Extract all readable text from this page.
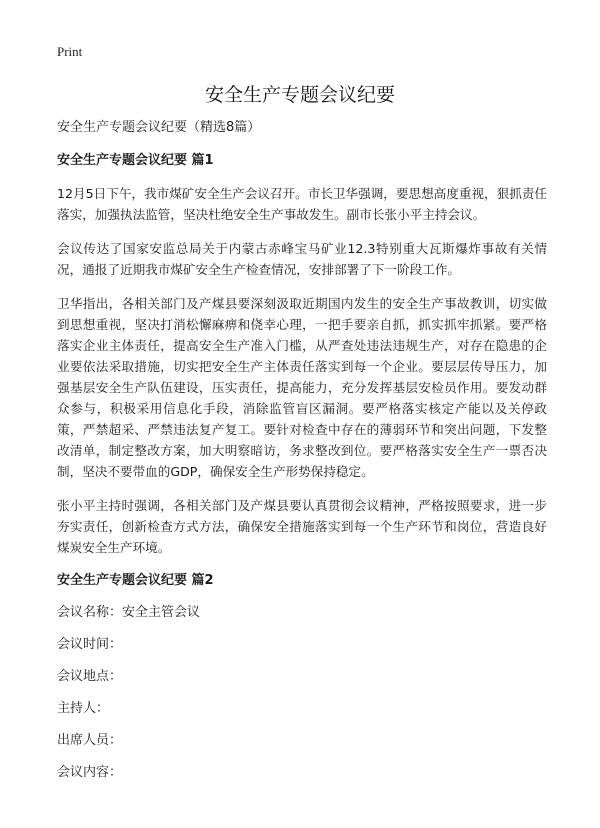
Print
安全生产专题会议纪要

安全生产专题会议纪要（精选8篇）

安全生产专题会议纪要 篇1

12月5日下午，我市煤矿安全生产会议召开。市长卫华强调，要思想高度重视，狠抓责任落实，加强执法监管，坚决杜绝安全生产事故发生。副市长张小平主持会议。

会议传达了国家安监总局关于内蒙古赤峰宝马矿业12.3特别重大瓦斯爆炸事故有关情况，通报了近期我市煤矿安全生产检查情况，安排部署了下一阶段工作。

卫华指出，各相关部门及产煤县要深刻汲取近期国内发生的安全生产事故教训，切实做到思想重视，坚决打消松懈麻痹和侥幸心理，一把手要亲自抓，抓实抓牢抓紧。要严格落实企业主体责任，提高安全生产准入门槛，从严查处违法违规生产，对存在隐患的企业要依法采取措施，切实把安全生产主体责任落实到每一个企业。要层层传导压力，加强基层安全生产队伍建设，压实责任，提高能力，充分发挥基层安检员作用。要发动群众参与，积极采用信息化手段，消除监管盲区漏洞。要严格落实核定产能以及关停政策，严禁超采、严禁违法复产复工。要针对检查中存在的薄弱环节和突出问题，下发整改清单，制定整改方案，加大明察暗访，务求整改到位。要严格落实安全生产一票否决制，坚决不要带血的GDP，确保安全生产形势保持稳定。

张小平主持时强调，各相关部门及产煤县要认真贯彻会议精神，严格按照要求，进一步夯实责任，创新检查方式方法，确保安全措施落实到每一个生产环节和岗位，营造良好煤炭安全生产环境。

安全生产专题会议纪要 篇2

会议名称：安全主管会议

会议时间：

会议地点：

主持人：

出席人员：

会议内容：
